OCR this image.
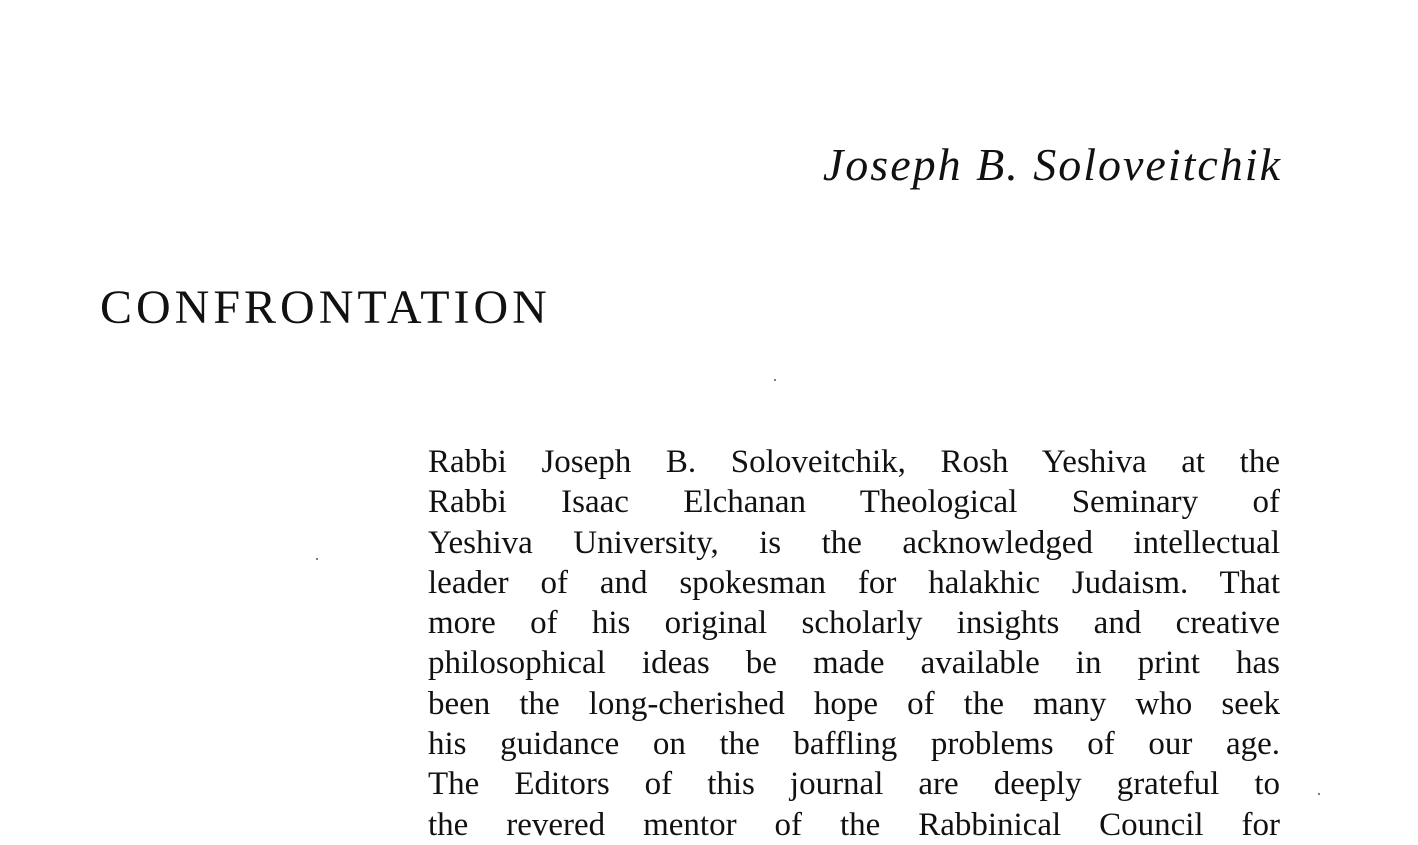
Joseph B. Soloveitchik
CONFRONTATION
Rabbi Joseph B. Soloveitchik, Rosh Yeshiva at the
Rabbi Isaac Elchanan Theological Seminary of
Yeshiva University, is the acknowledged intellectual
leader of and spokesman for halakhic Judaism. That
more of his original scholarly insights and creative
philosophical ideas be made available in print has
been the long-cherished hope of the many who seek
his guidance on the baffling problems of our age.
The Editors of this journal are deeply grateful to
the revered mentor of the Rabbinical Council for
